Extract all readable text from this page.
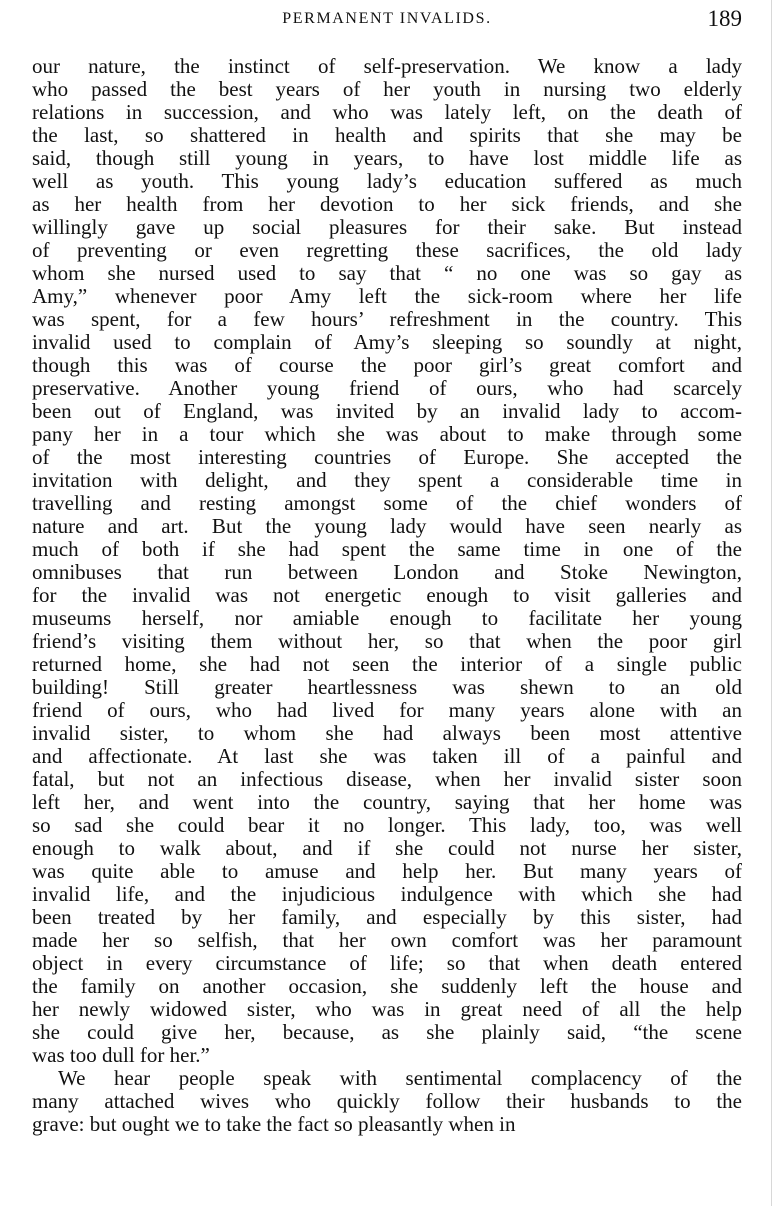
PERMANENT INVALIDS.	189
our nature, the instinct of self-preservation. We know a lady
who passed the best years of her youth in nursing two elderly
relations in succession, and who was lately left, on the death of
the last, so shattered in health and spirits that she may be
said, though still young in years, to have lost middle life as
well as youth. This young lady’s education suffered as much
as her health from her devotion to her sick friends, and she
willingly gave up social pleasures for their sake. But instead
of preventing or even regretting these sacrifices, the old lady
whom she nursed used to say that “ no one was so gay as
Amy,” whenever poor Amy left the sick-room where her life
was spent, for a few hours’ refreshment in the country. This
invalid used to complain of Amy’s sleeping so soundly at night,
though this was of course the poor girl’s great comfort and
preservative. Another young friend of ours, who had scarcely
been out of England, was invited by an invalid lady to accom-
pany her in a tour which she was about to make through some
of the most interesting countries of Europe. She accepted the
invitation with delight, and they spent a considerable time in
travelling and resting amongst some of the chief wonders of
nature and art. But the young lady would have seen nearly as
much of both if she had spent the same time in one of the
omnibuses that run between London and Stoke Newington,
for the invalid was not energetic enough to visit galleries and
museums herself, nor amiable enough to facilitate her young
friend’s visiting them without her, so that when the poor girl
returned home, she had not seen the interior of a single public
building! Still greater heartlessness was shewn to an old
friend of ours, who had lived for many years alone with an
invalid sister, to whom she had always been most attentive
and affectionate. At last she was taken ill of a painful and
fatal, but not an infectious disease, when her invalid sister soon
left her, and went into the country, saying that her home was
so sad she could bear it no longer. This lady, too, was well
enough to walk about, and if she could not nurse her sister,
was quite able to amuse and help her. But many years of
invalid life, and the injudicious indulgence with which she had
been treated by her family, and especially by this sister, had
made her so selfish, that her own comfort was her paramount
object in every circumstance of life; so that when death entered
the family on another occasion, she suddenly left the house and
her newly widowed sister, who was in great need of all the help
she could give her, because, as she plainly said, “the scene
was too dull for her.”
We hear people speak with sentimental complacency of the
many attached wives who quickly follow their husbands to the
grave: but ought we to take the fact so pleasantly when in
